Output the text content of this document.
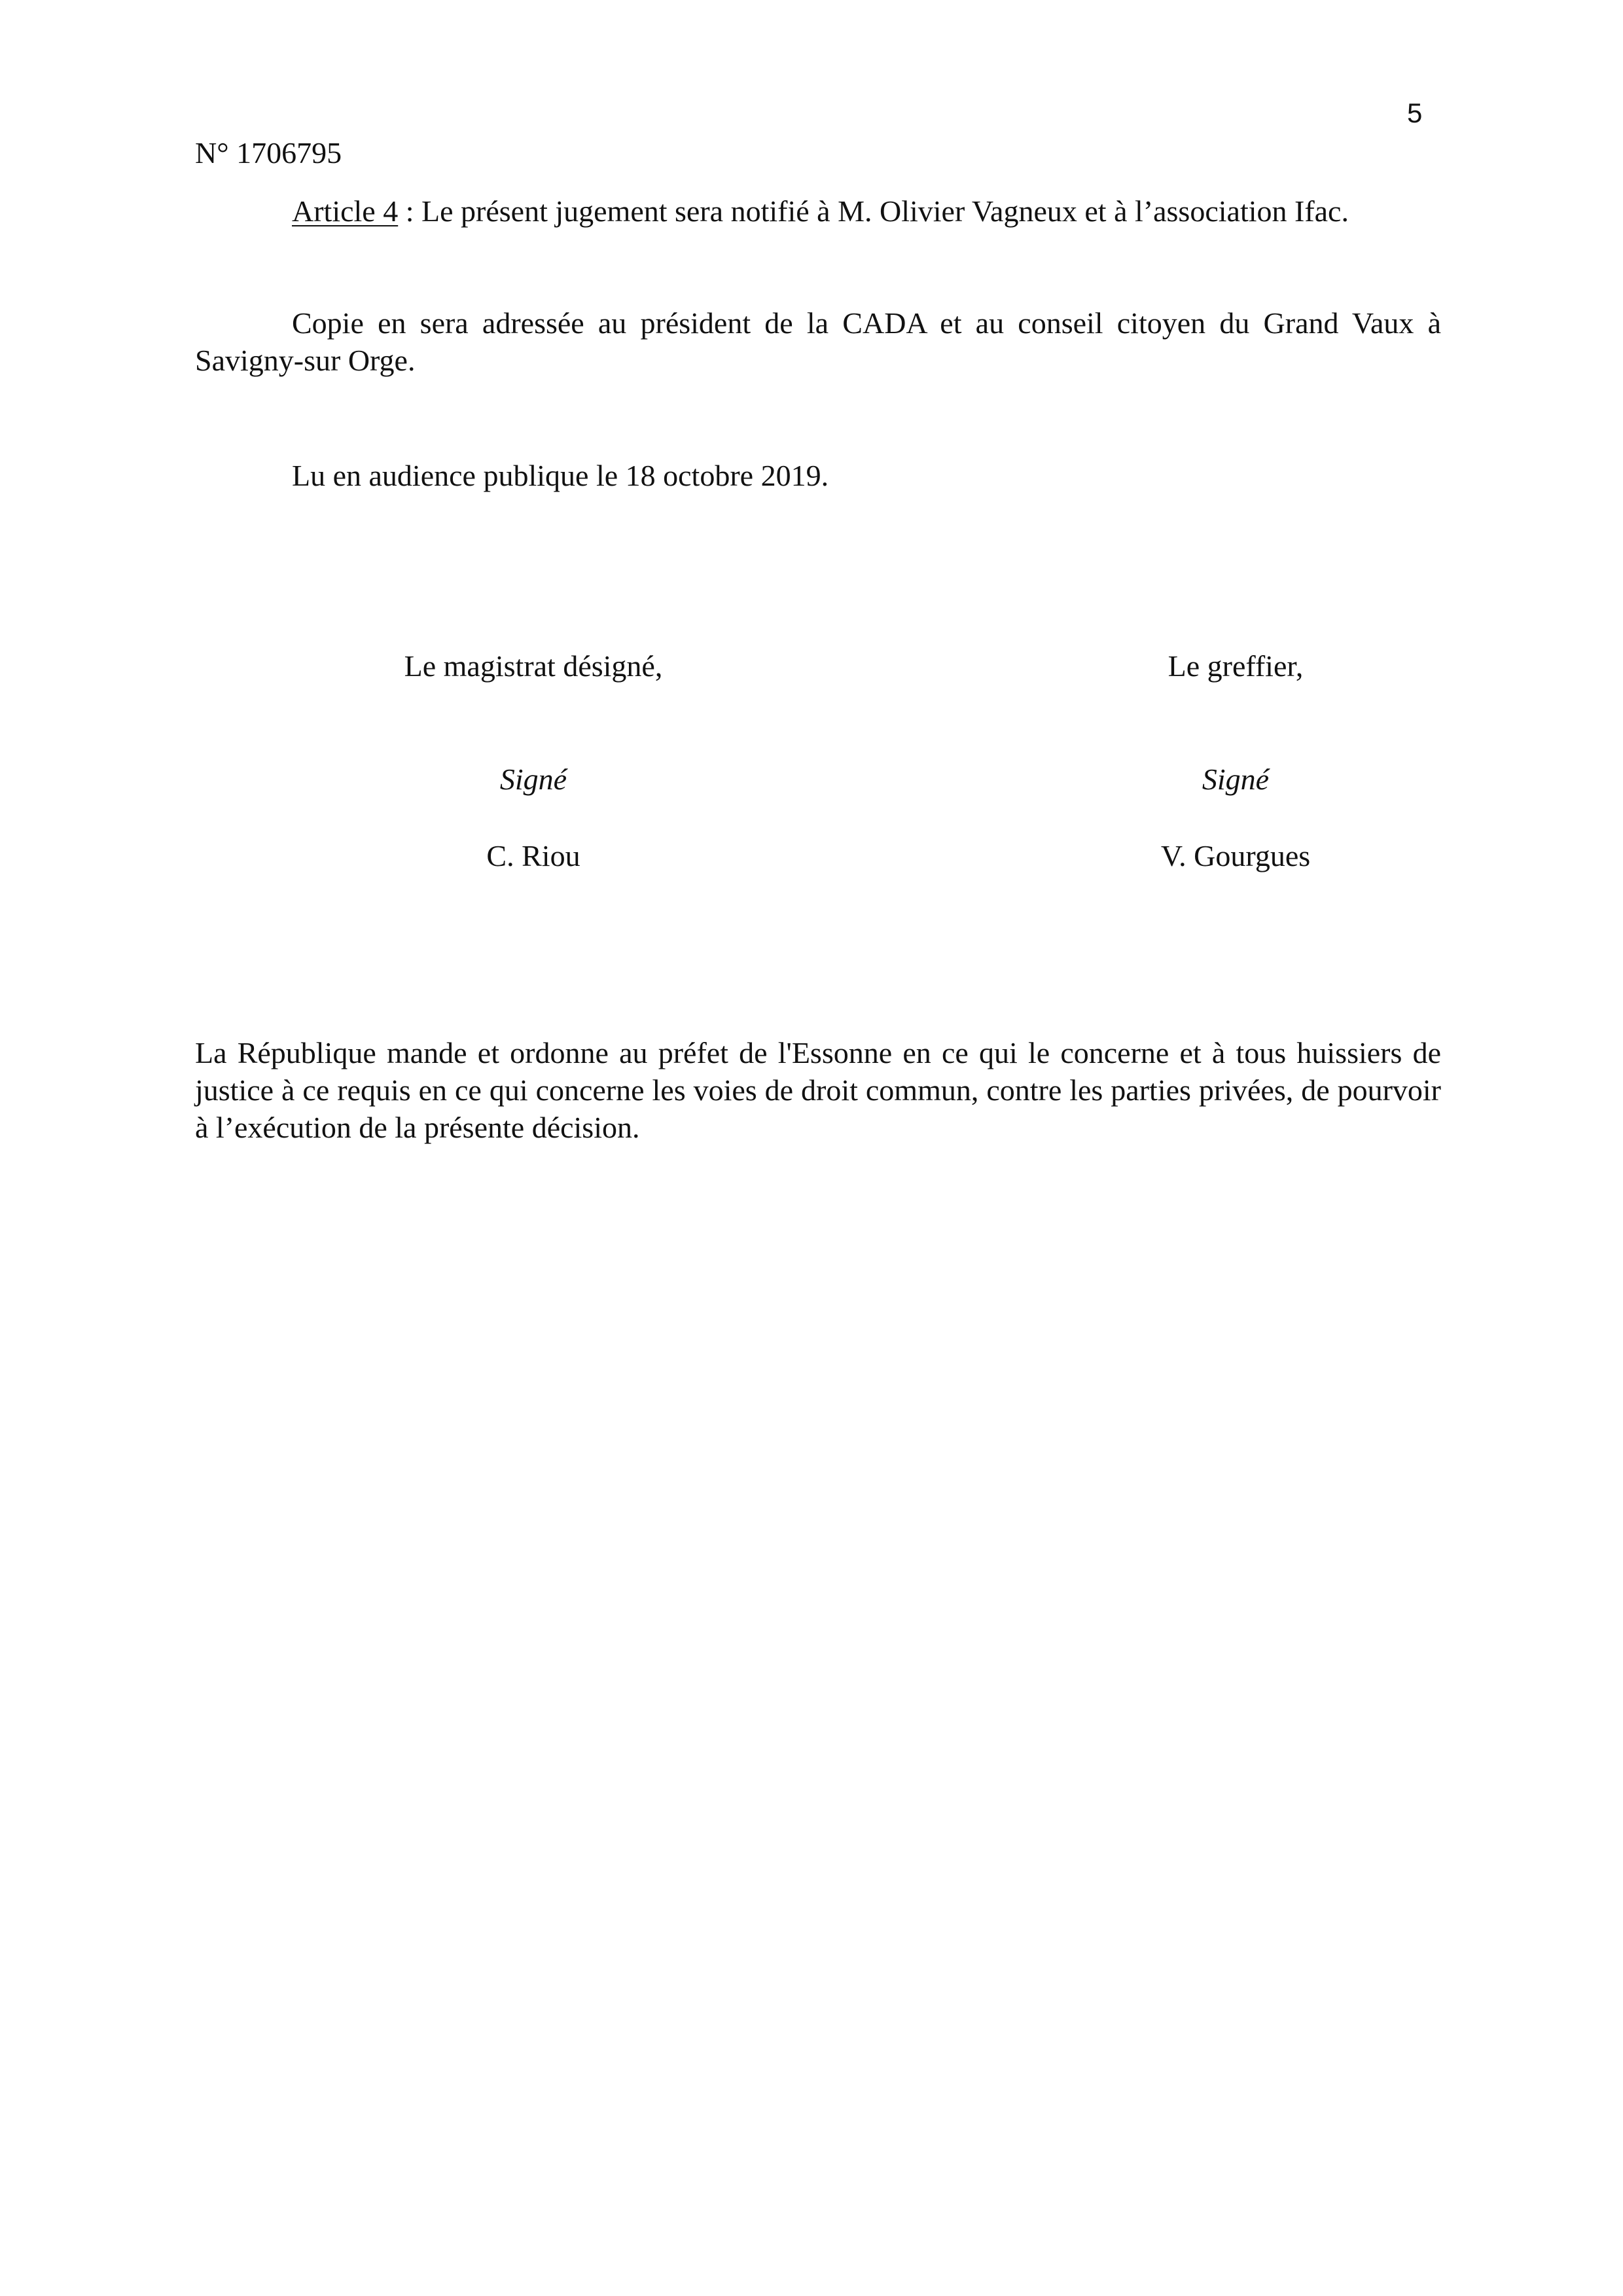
5
N° 1706795

Article 4 : Le présent jugement sera notifié à M. Olivier Vagneux et à l’association Ifac.

Copie en sera adressée au président de la CADA et au conseil citoyen du Grand Vaux à Savigny-sur Orge.

Lu en audience publique le 18 octobre 2019.

Le magistrat désigné,
Signé
C. Riou
Le greffier,
Signé
V. Gourgues

La République mande et ordonne au préfet de l'Essonne en ce qui le concerne et à tous huissiers de justice à ce requis en ce qui concerne les voies de droit commun, contre les parties privées, de pourvoir à l’exécution de la présente décision.
